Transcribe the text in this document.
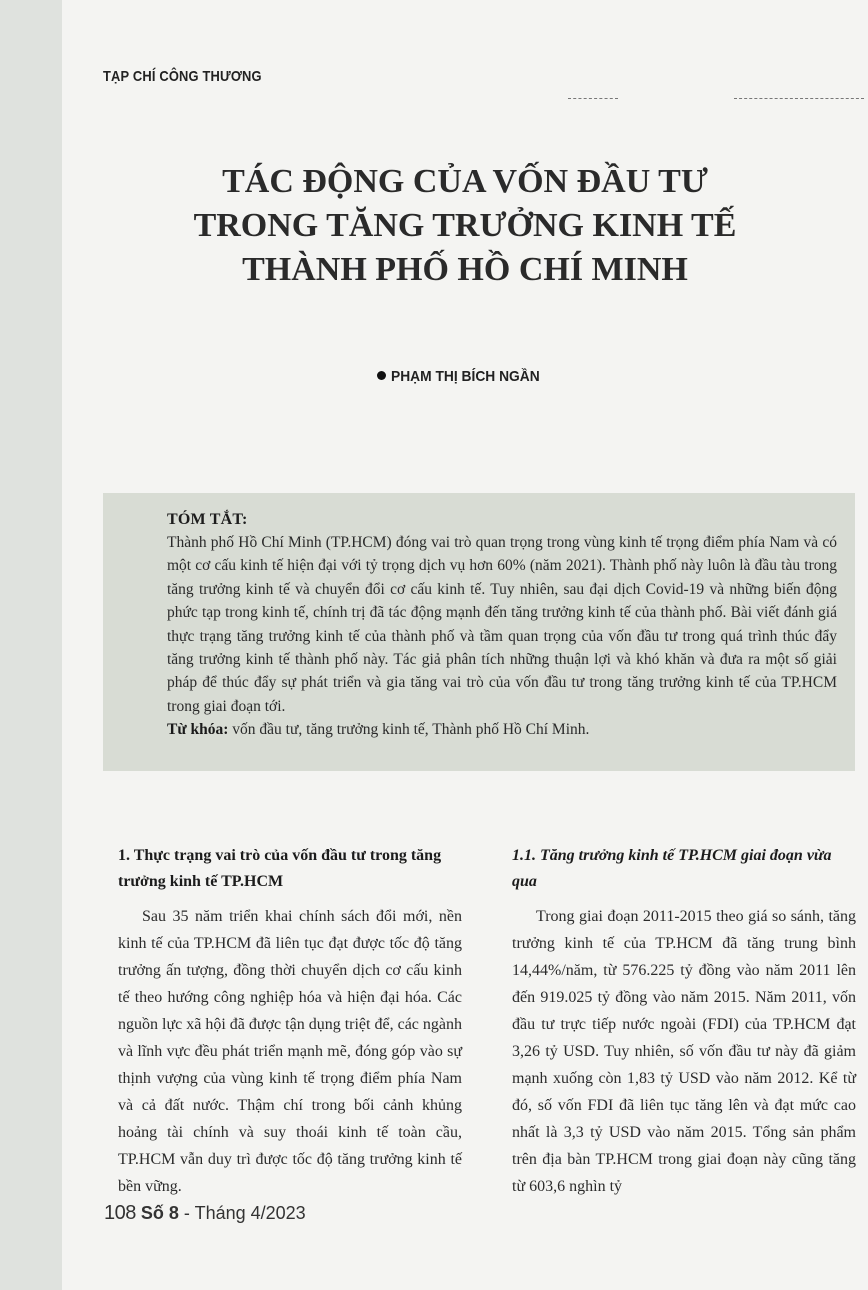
TẠP CHÍ CÔNG THƯƠNG

TÁC ĐỘNG CỦA VỐN ĐẦU TƯ
TRONG TĂNG TRƯỞNG KINH TẾ
THÀNH PHỐ HỒ CHÍ MINH

PHẠM THỊ BÍCH NGẦN

TÓM TẮT:

Thành phố Hồ Chí Minh (TP.HCM) đóng vai trò quan trọng trong vùng kinh tế trọng điểm phía Nam và có một cơ cấu kinh tế hiện đại với tỷ trọng dịch vụ hơn 60% (năm 2021). Thành phố này luôn là đầu tàu trong tăng trưởng kinh tế và chuyển đổi cơ cấu kinh tế. Tuy nhiên, sau đại dịch Covid-19 và những biến động phức tạp trong kinh tế, chính trị đã tác động mạnh đến tăng trưởng kinh tế của thành phố. Bài viết đánh giá thực trạng tăng trưởng kinh tế của thành phố và tầm quan trọng của vốn đầu tư trong quá trình thúc đẩy tăng trưởng kinh tế thành phố này. Tác giả phân tích những thuận lợi và khó khăn và đưa ra một số giải pháp để thúc đẩy sự phát triển và gia tăng vai trò của vốn đầu tư trong tăng trưởng kinh tế của TP.HCM trong giai đoạn tới.

Từ khóa: vốn đầu tư, tăng trưởng kinh tế, Thành phố Hồ Chí Minh.

1. Thực trạng vai trò của vốn đầu tư trong tăng trưởng kinh tế TP.HCM

Sau 35 năm triển khai chính sách đổi mới, nền kinh tế của TP.HCM đã liên tục đạt được tốc độ tăng trưởng ấn tượng, đồng thời chuyển dịch cơ cấu kinh tế theo hướng công nghiệp hóa và hiện đại hóa. Các nguồn lực xã hội đã được tận dụng triệt để, các ngành và lĩnh vực đều phát triển mạnh mẽ, đóng góp vào sự thịnh vượng của vùng kinh tế trọng điểm phía Nam và cả đất nước. Thậm chí trong bối cảnh khủng hoảng tài chính và suy thoái kinh tế toàn cầu, TP.HCM vẫn duy trì được tốc độ tăng trưởng kinh tế bền vững.

1.1. Tăng trưởng kinh tế TP.HCM giai đoạn vừa qua

Trong giai đoạn 2011-2015 theo giá so sánh, tăng trưởng kinh tế của TP.HCM đã tăng trung bình 14,44%/năm, từ 576.225 tỷ đồng vào năm 2011 lên đến 919.025 tỷ đồng vào năm 2015. Năm 2011, vốn đầu tư trực tiếp nước ngoài (FDI) của TP.HCM đạt 3,26 tỷ USD. Tuy nhiên, số vốn đầu tư này đã giảm mạnh xuống còn 1,83 tỷ USD vào năm 2012. Kể từ đó, số vốn FDI đã liên tục tăng lên và đạt mức cao nhất là 3,3 tỷ USD vào năm 2015. Tổng sản phẩm trên địa bàn TP.HCM trong giai đoạn này cũng tăng từ 603,6 nghìn tỷ

108 Số 8 - Tháng 4/2023
